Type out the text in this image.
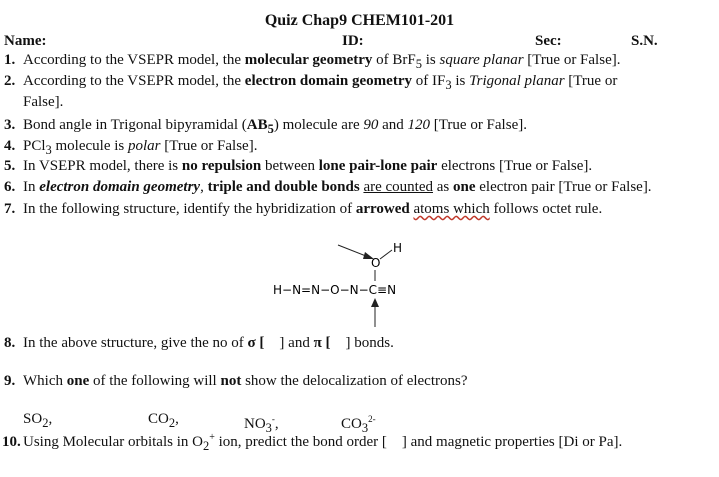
Quiz Chap9 CHEM101-201
Name:	ID:	Sec:	S.N.
1. According to the VSEPR model, the molecular geometry of BrF$_5$ is square planar [True or False].
2. According to the VSEPR model, the electron domain geometry of $IF_3$ is Trigonal planar [True or
False].
3. Bond angle in Trigonal bipyramidal $(AB_5)$ molecule are 90 and 120 [True or False].
4. PCl$_3$ molecule is polar [True or False].
5. In VSEPR model, there is no repulsion between lone pair-lone pair electrons [True or False].
6. In electron domain geometry, triple and double bonds are counted as one electron pair [True or False].
7. In the following structure, identify the hybridization of arrowed atoms which follows octet rule.
H
O
H−N=N−O−N−C≡N
8. In the above structure, give the no of σ [    ] and π [    ] bonds.
9. Which one of the following will not show the delocalization of electrons?
$SO_2$,	$CO_2$,	$NO_3^-$,	$CO_3^{2-}$
10. Using Molecular orbitals in $O_2^+$ ion, predict the bond order [    ] and magnetic properties [Di or Pa].
